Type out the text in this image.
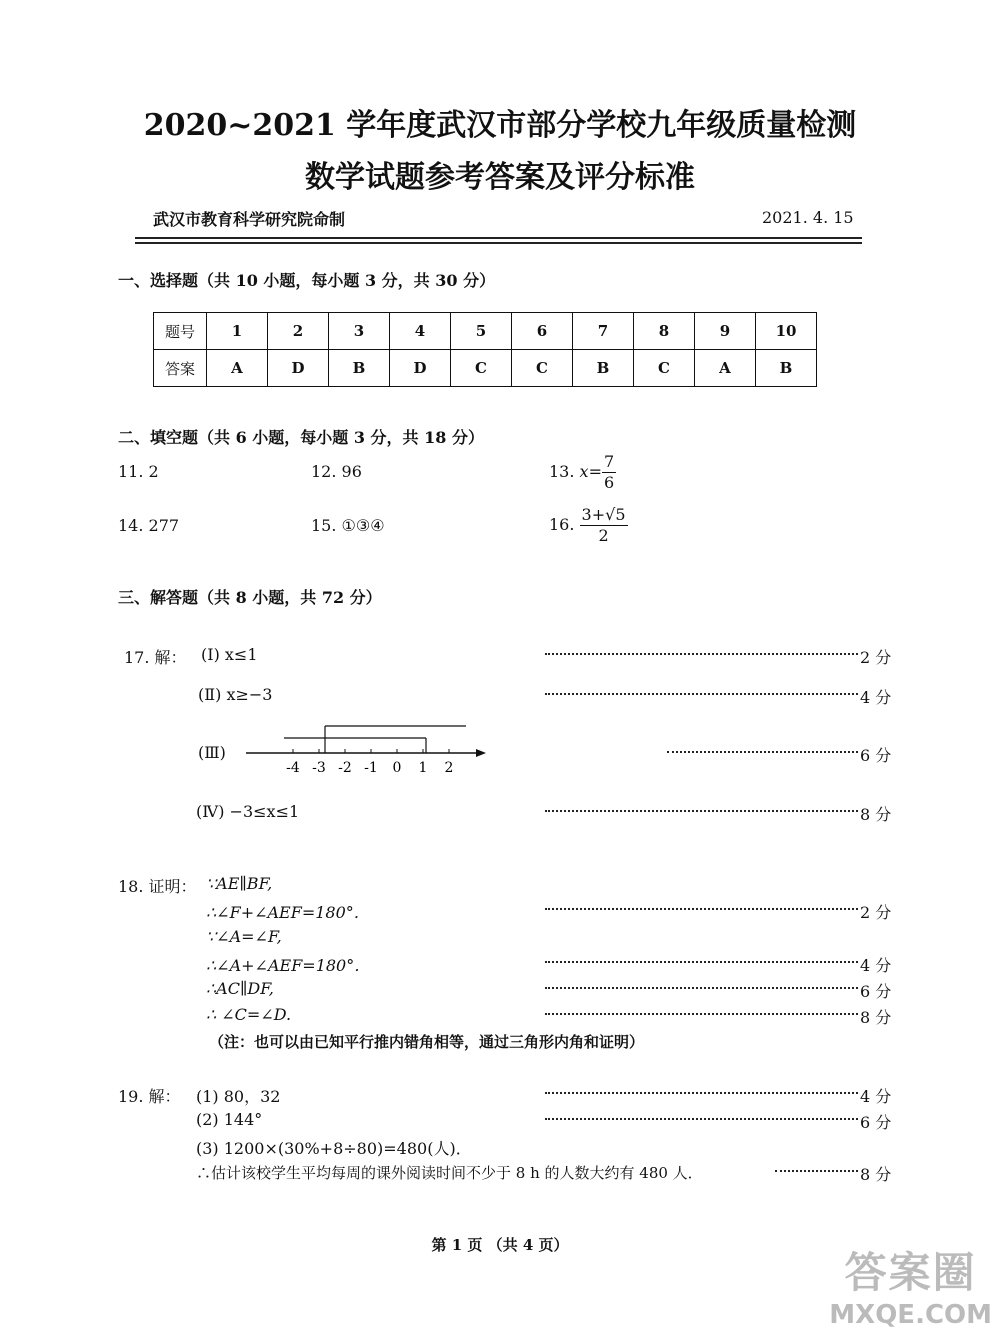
2020~2021 学年度武汉市部分学校九年级质量检测
数学试题参考答案及评分标准
武汉市教育科学研究院命制	2021. 4. 15
一、选择题（共 10 小题，每小题 3 分，共 30 分）
题号	1	2	3	4	5	6	7	8	9	10
答案	A	D	B	D	C	C	B	C	A	B
二、填空题（共 6 小题，每小题 3 分，共 18 分）
11. 2	12. 96	13. $x= \frac{7}{6}$
14. 277	15. ①③④	16. $\frac{3+√5}{2}$
三、解答题（共 8 小题，共 72 分）
17. 解： (Ⅰ) x≤1	2 分
(Ⅱ) x≥−3	4 分
(Ⅲ)
-4 -3 -2 -1 0 1 2
6 分
(Ⅳ) −3≤x≤1	8 分
18. 证明： ∵AE∥BF,
∴∠F+∠AEF=180°．	2 分
∵∠A=∠F,
∴∠A+∠AEF=180°．	4 分
∴AC∥DF,	6 分
∴ ∠C=∠D.	8 分
（注：也可以由已知平行推内错角相等，通过三角形内角和证明）
19. 解： (1) 80，32	4 分
(2) 144°	6 分
(3) 1200×(30%+8÷80)=480(人)．
∴估计该校学生平均每周的课外阅读时间不少于 8 h 的人数大约有 480 人．	8 分
第 1 页 （共 4 页）
答案圈
MXQE.COM
